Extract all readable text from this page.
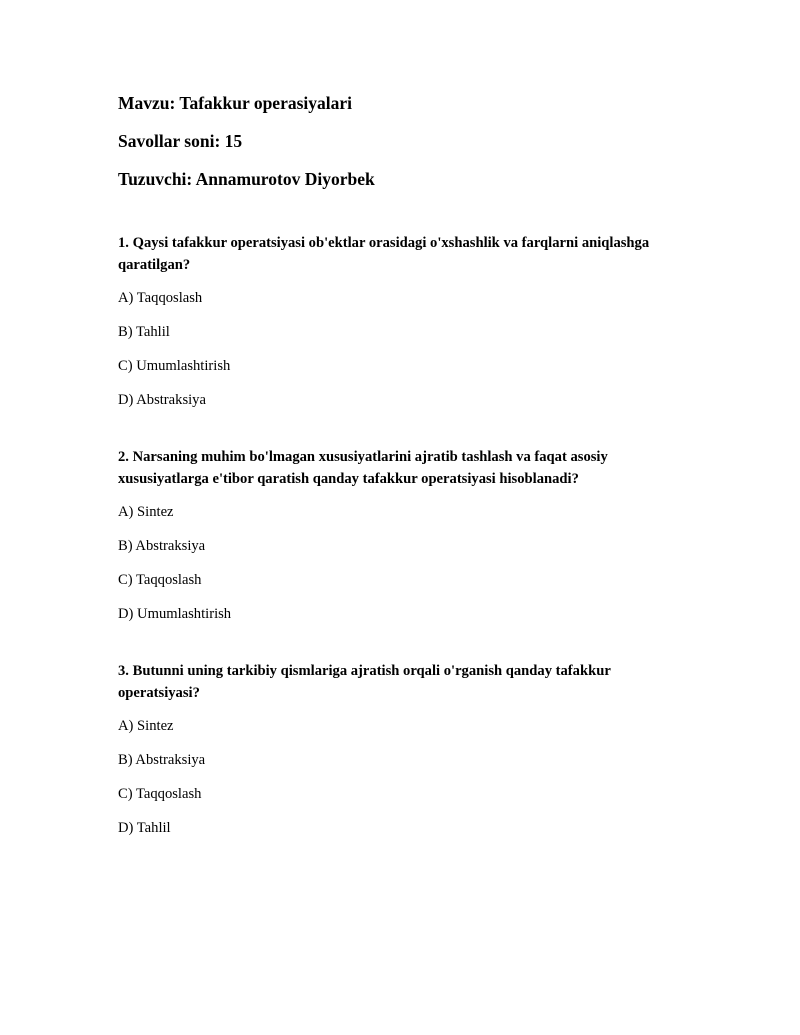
Mavzu: Tafakkur operasiyalari
Savollar soni: 15
Tuzuvchi: Annamurotov Diyorbek
1. Qaysi tafakkur operatsiyasi ob'ektlar orasidagi o'xshashlik va farqlarni aniqlashga qaratilgan?
A) Taqqoslash
B) Tahlil
C) Umumlashtirish
D) Abstraksiya
2. Narsaning muhim bo'lmagan xususiyatlarini ajratib tashlash va faqat asosiy xususiyatlarga e'tibor qaratish qanday tafakkur operatsiyasi hisoblanadi?
A) Sintez
B) Abstraksiya
C) Taqqoslash
D) Umumlashtirish
3. Butunni uning tarkibiy qismlariga ajratish orqali o'rganish qanday tafakkur operatsiyasi?
A) Sintez
B) Abstraksiya
C) Taqqoslash
D) Tahlil
